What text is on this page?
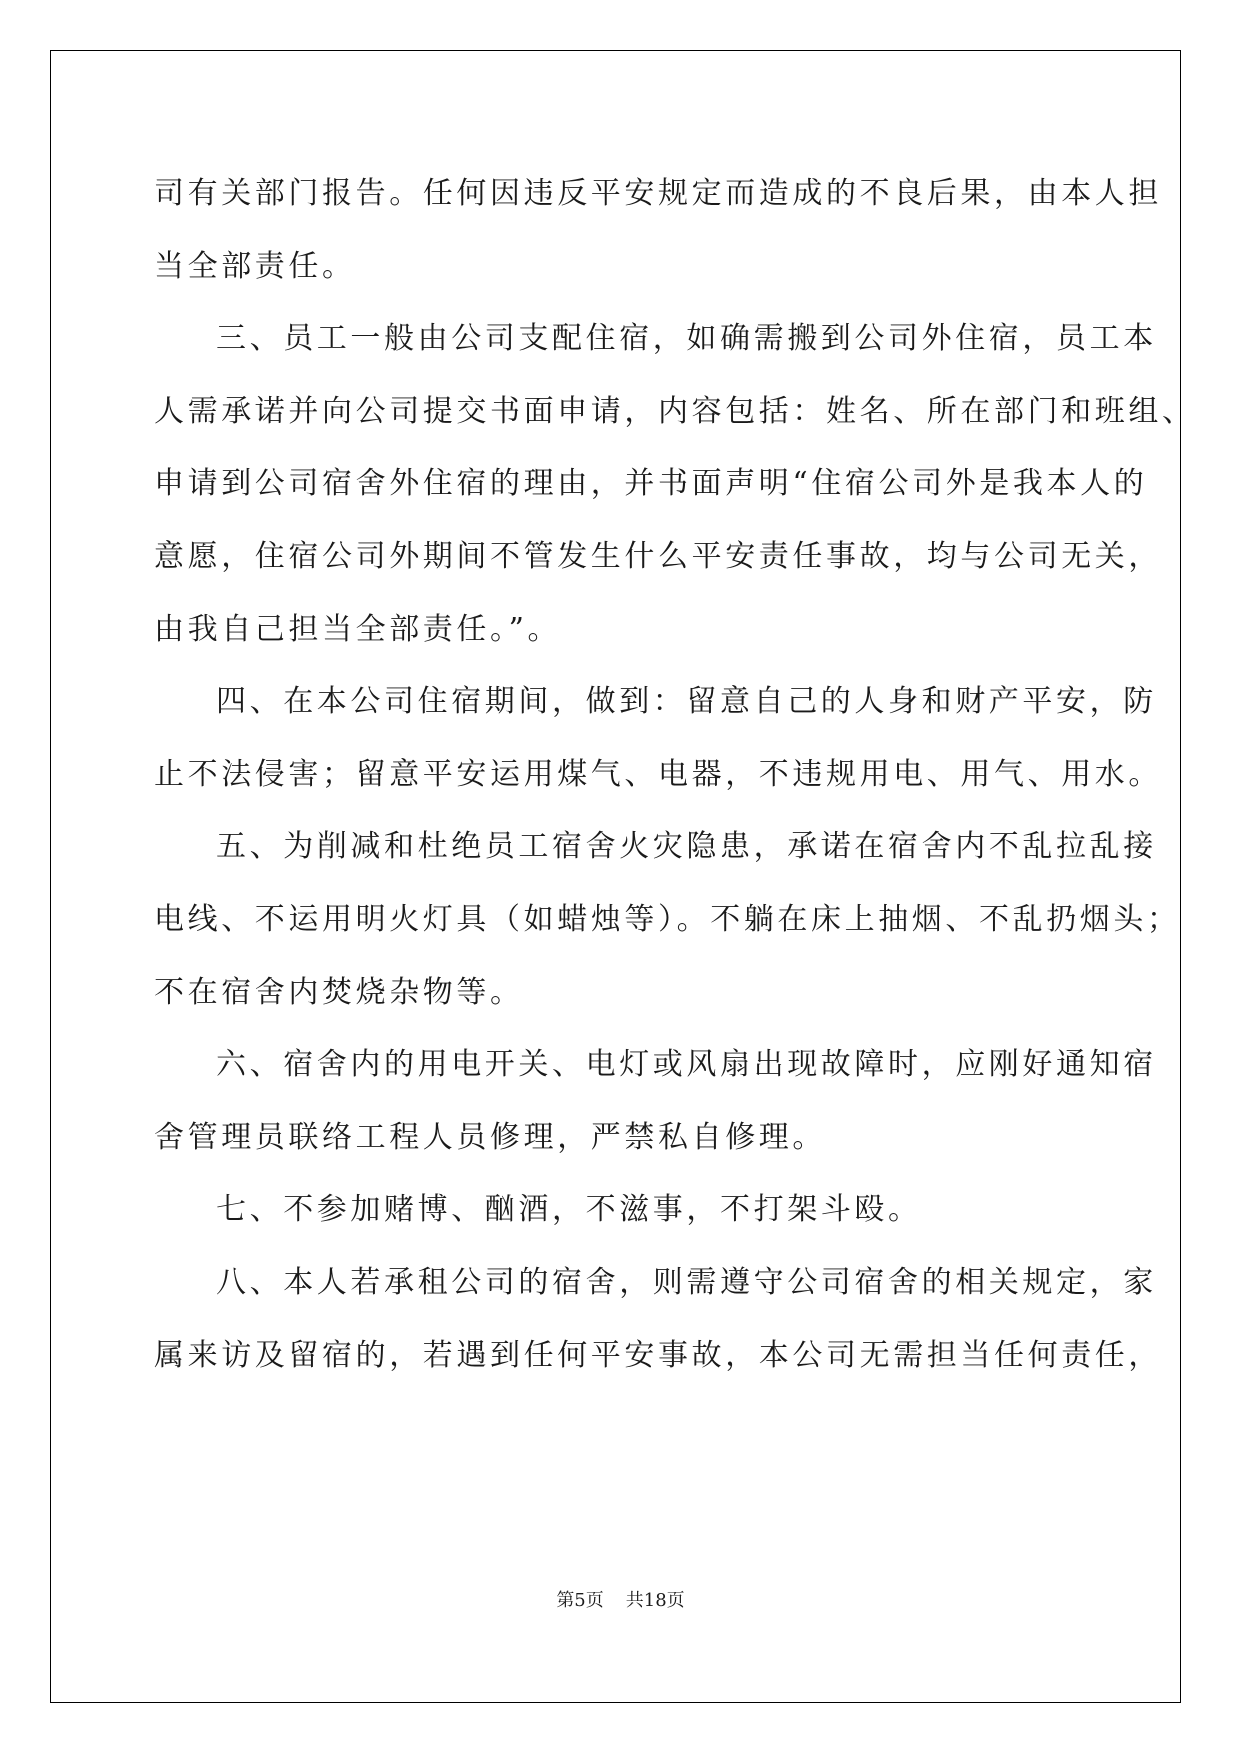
司有关部门报告。任何因违反平安规定而造成的不良后果，由本人担
当全部责任。
三、员工一般由公司支配住宿，如确需搬到公司外住宿，员工本
人需承诺并向公司提交书面申请，内容包括：姓名、所在部门和班组、
申请到公司宿舍外住宿的理由，并书面声明“住宿公司外是我本人的
意愿，住宿公司外期间不管发生什么平安责任事故，均与公司无关，
由我自己担当全部责任。”。
四、在本公司住宿期间，做到：留意自己的人身和财产平安，防
止不法侵害；留意平安运用煤气、电器，不违规用电、用气、用水。
五、为削减和杜绝员工宿舍火灾隐患，承诺在宿舍内不乱拉乱接
电线、不运用明火灯具（如蜡烛等）。不躺在床上抽烟、不乱扔烟头；
不在宿舍内焚烧杂物等。
六、宿舍内的用电开关、电灯或风扇出现故障时，应刚好通知宿
舍管理员联络工程人员修理，严禁私自修理。
七、不参加赌博、酗酒，不滋事，不打架斗殴。
八、本人若承租公司的宿舍，则需遵守公司宿舍的相关规定，家
属来访及留宿的，若遇到任何平安事故，本公司无需担当任何责任，
第5页 共18页
